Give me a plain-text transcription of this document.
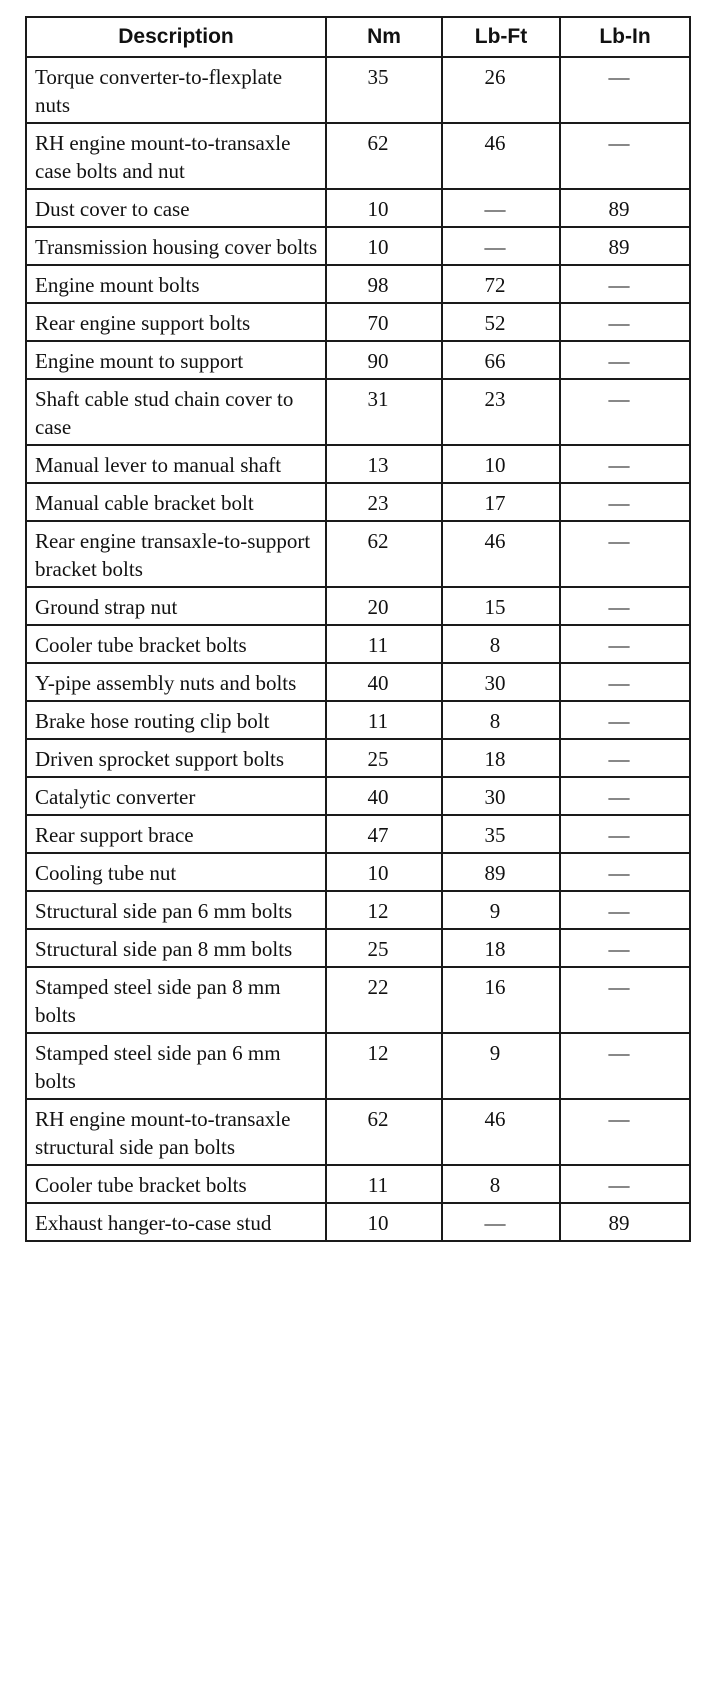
Description	Nm	Lb-Ft	Lb-In
Torque converter-to-flexplate nuts	35	26	—
RH engine mount-to-transaxle case bolts and nut	62	46	—
Dust cover to case	10	—	89
Transmission housing cover bolts	10	—	89
Engine mount bolts	98	72	—
Rear engine support bolts	70	52	—
Engine mount to support	90	66	—
Shaft cable stud chain cover to case	31	23	—
Manual lever to manual shaft	13	10	—
Manual cable bracket bolt	23	17	—
Rear engine transaxle-to-support bracket bolts	62	46	—
Ground strap nut	20	15	—
Cooler tube bracket bolts	11	8	—
Y-pipe assembly nuts and bolts	40	30	—
Brake hose routing clip bolt	11	8	—
Driven sprocket support bolts	25	18	—
Catalytic converter	40	30	—
Rear support brace	47	35	—
Cooling tube nut	10	89	—
Structural side pan 6 mm bolts	12	9	—
Structural side pan 8 mm bolts	25	18	—
Stamped steel side pan 8 mm bolts	22	16	—
Stamped steel side pan 6 mm bolts	12	9	—
RH engine mount-to-transaxle structural side pan bolts	62	46	—
Cooler tube bracket bolts	11	8	—
Exhaust hanger-to-case stud	10	—	89
